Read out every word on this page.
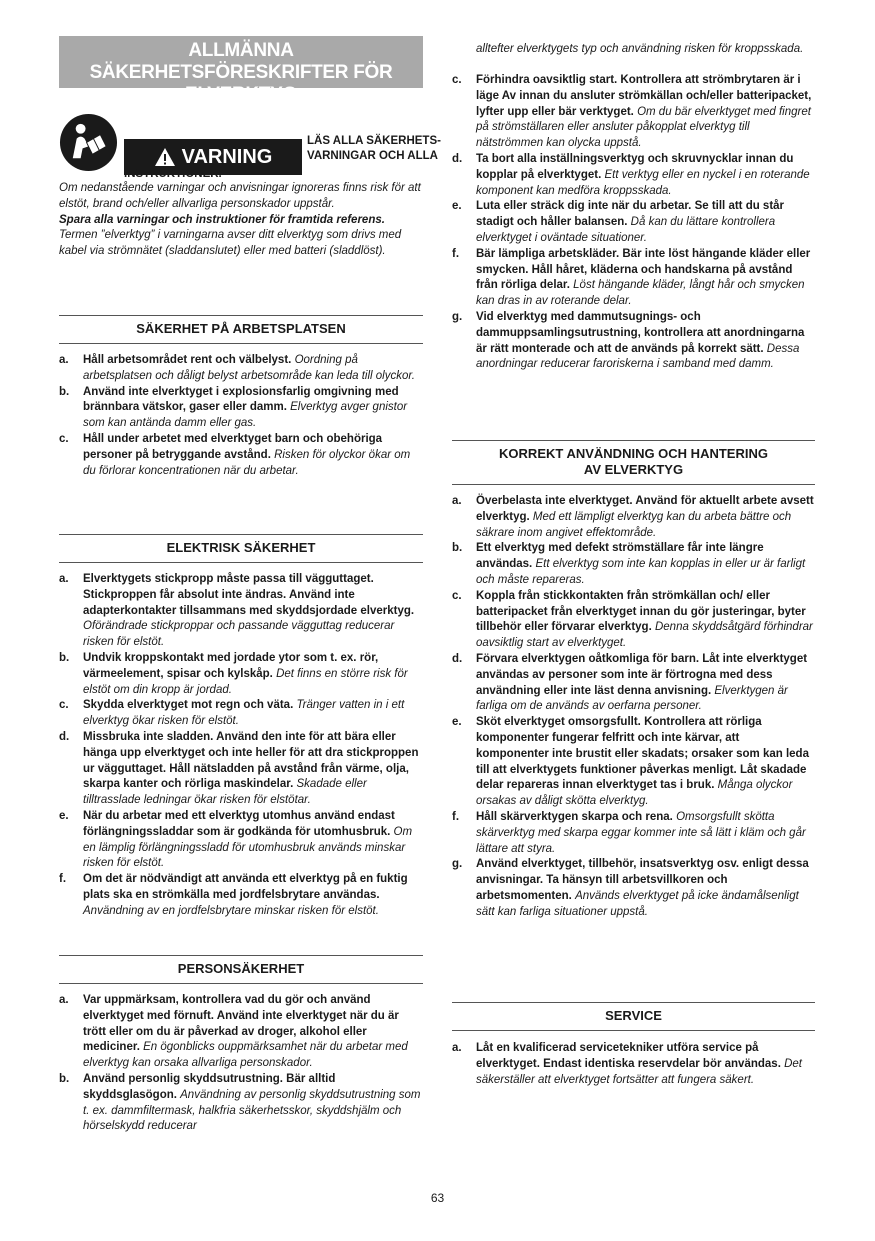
ALLMÄNNA SÄKERHETSFÖRESKRIFTER FÖR ELVERKTYG
VARNING
LÄS ALLA SÄKERHETS-
VARNINGAR OCH ALLA
INSTRUKTIONER.

Om nedanstående varningar och anvisningar ignoreras finns risk för att elstöt, brand och/eller allvarliga personskador uppstår.

Spara alla varningar och instruktioner för framtida referens.

Termen ”elverktyg” i varningarna avser ditt elverktyg som drivs med kabel via strömnätet (sladdanslutet) eller med batteri (sladdlöst).

SÄKERHET PÅ ARBETSPLATSEN
a.	Håll arbetsområdet rent och välbelyst. Oordning på arbetsplatsen och dåligt belyst arbetsområde kan leda till olyckor.
b.	Använd inte elverktyget i explosionsfarlig omgivning med brännbara vätskor, gaser eller damm. Elverktyg avger gnistor som kan antända damm eller gas.
c.	Håll under arbetet med elverktyget barn och obehöriga personer på betryggande avstånd. Risken för olyckor ökar om du förlorar koncentrationen när du arbetar.
ELEKTRISK SÄKERHET
a.	Elverktygets stickpropp måste passa till vägguttaget. Stickproppen får absolut inte ändras. Använd inte adapterkontakter tillsammans med skyddsjordade elverktyg. Oförändrade stickproppar och passande vägguttag reducerar risken för elstöt.
b.	Undvik kroppskontakt med jordade ytor som t. ex. rör, värmeelement, spisar och kylskåp. Det finns en större risk för elstöt om din kropp är jordad.
c.	Skydda elverktyget mot regn och väta. Tränger vatten in i ett elverktyg ökar risken för elstöt.
d.	Missbruka inte sladden. Använd den inte för att bära eller hänga upp elverktyget och inte heller för att dra stickproppen ur vägguttaget. Håll nätsladden på avstånd från värme, olja, skarpa kanter och rörliga maskindelar. Skadade eller tilltrasslade ledningar ökar risken för elstötar.
e.	När du arbetar med ett elverktyg utomhus använd endast förlängningssladdar som är godkända för utomhusbruk. Om en lämplig förlängningssladd för utomhusbruk används minskar risken för elstöt.
f.	Om det är nödvändigt att använda ett elverktyg på en fuktig plats ska en strömkälla med jordfelsbrytare användas. Användning av en jordfelsbrytare minskar risken för elstöt.
PERSONSÄKERHET
a.	Var uppmärksam, kontrollera vad du gör och använd elverktyget med förnuft. Använd inte elverktyget när du är trött eller om du är påverkad av droger, alkohol eller mediciner. En ögonblicks ouppmärksamhet när du arbetar med elverktyg kan orsaka allvarliga personskador.
b.	Använd personlig skyddsutrustning. Bär alltid skyddsglasögon. Användning av personlig skyddsutrustning som t. ex. dammfiltermask, halkfria säkerhetsskor, skyddshjälm och hörselskydd reducerar

alltefter elverktygets typ och användning risken för kroppsskada.

c.	Förhindra oavsiktlig start. Kontrollera att strömbrytaren är i läge Av innan du ansluter strömkällan och/eller batteripacket, lyfter upp eller bär verktyget. Om du bär elverktyget med fingret på strömställaren eller ansluter påkopplat elverktyg till nätströmmen kan olycka uppstå.
d.	Ta bort alla inställningsverktyg och skruvnycklar innan du kopplar på elverktyget. Ett verktyg eller en nyckel i en roterande komponent kan medföra kroppsskada.
e.	Luta eller sträck dig inte när du arbetar. Se till att du står stadigt och håller balansen. Då kan du lättare kontrollera elverktyget i oväntade situationer.
f.	Bär lämpliga arbetskläder. Bär inte löst hängande kläder eller smycken. Håll håret, kläderna och handskarna på avstånd från rörliga delar. Löst hängande kläder, långt hår och smycken kan dras in av roterande delar.
g.	Vid elverktyg med dammutsugnings- och dammuppsamlingsutrustning, kontrollera att anordningarna är rätt monterade och att de används på korrekt sätt. Dessa anordningar reducerar faroriskerna i samband med damm.
KORREKT ANVÄNDNING OCH HANTERING
AV ELVERKTYG
a.	Överbelasta inte elverktyget. Använd för aktuellt arbete avsett elverktyg. Med ett lämpligt elverktyg kan du arbeta bättre och säkrare inom angivet effektområde.
b.	Ett elverktyg med defekt strömställare får inte längre användas. Ett elverktyg som inte kan kopplas in eller ur är farligt och måste repareras.
c.	Koppla från stickkontakten från strömkällan och/ eller batteripacket från elverktyget innan du gör justeringar, byter tillbehör eller förvarar elverktyg. Denna skyddsåtgärd förhindrar oavsiktlig start av elverktyget.
d.	Förvara elverktygen oåtkomliga för barn. Låt inte elverktyget användas av personer som inte är förtrogna med dess användning eller inte läst denna anvisning. Elverktygen är farliga om de används av oerfarna personer.
e.	Sköt elverktyget omsorgsfullt. Kontrollera att rörliga komponenter fungerar felfritt och inte kärvar, att komponenter inte brustit eller skadats; orsaker som kan leda till att elverktygets funktioner påverkas menligt. Låt skadade delar repareras innan elverktyget tas i bruk. Många olyckor orsakas av dåligt skötta elverktyg.
f.	Håll skärverktygen skarpa och rena. Omsorgsfullt skötta skärverktyg med skarpa eggar kommer inte så lätt i kläm och går lättare att styra.
g.	Använd elverktyget, tillbehör, insatsverktyg osv. enligt dessa anvisningar. Ta hänsyn till arbetsvillkoren och arbetsmomenten. Används elverktyget på icke ändamålsenligt sätt kan farliga situationer uppstå.
SERVICE
a.	Låt en kvalificerad servicetekniker utföra service på elverktyget. Endast identiska reservdelar bör användas. Det säkerställer att elverktyget fortsätter att fungera säkert.
63
